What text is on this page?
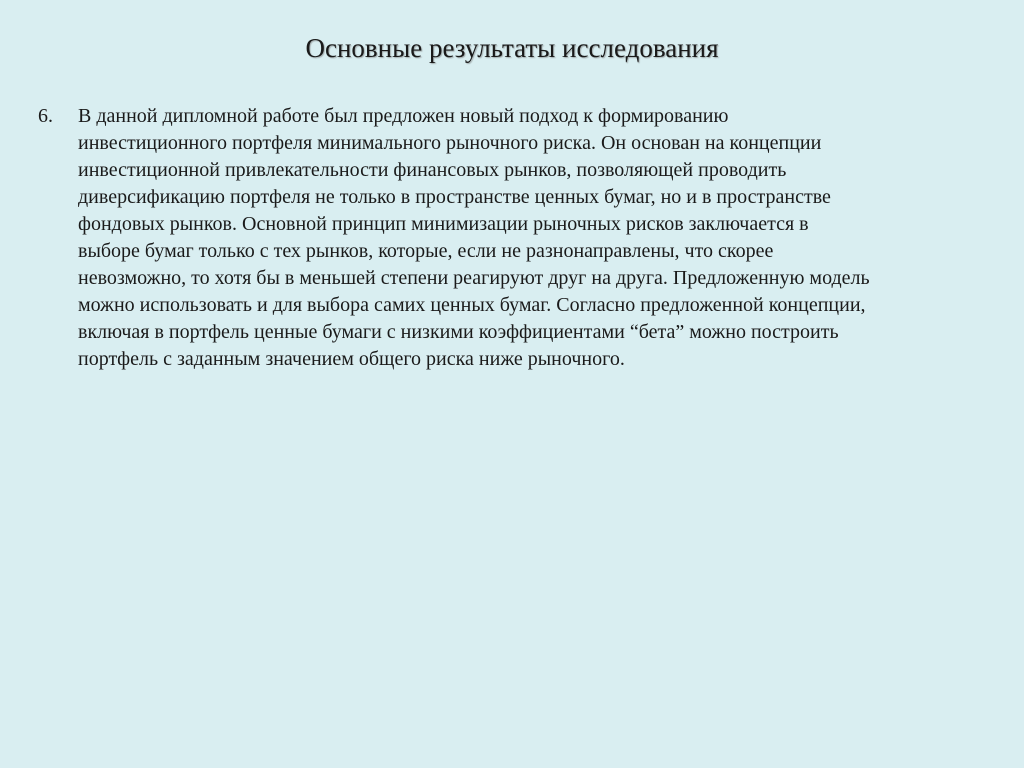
Основные результаты исследования
6.	В данной дипломной работе был предложен новый подход к формированию
инвестиционного портфеля минимального рыночного риска. Он основан на концепции
инвестиционной привлекательности финансовых рынков, позволяющей проводить
диверсификацию портфеля не только в пространстве ценных бумаг, но и в пространстве
фондовых рынков. Основной принцип минимизации рыночных рисков заключается в
выборе бумаг только с тех рынков, которые, если не разнонаправлены, что скорее
невозможно, то хотя бы в меньшей степени реагируют друг на друга. Предложенную модель
можно использовать и для выбора самих ценных бумаг. Согласно предложенной концепции,
включая в портфель ценные бумаги с низкими коэффициентами “бета” можно построить
портфель с заданным значением общего риска ниже рыночного.
